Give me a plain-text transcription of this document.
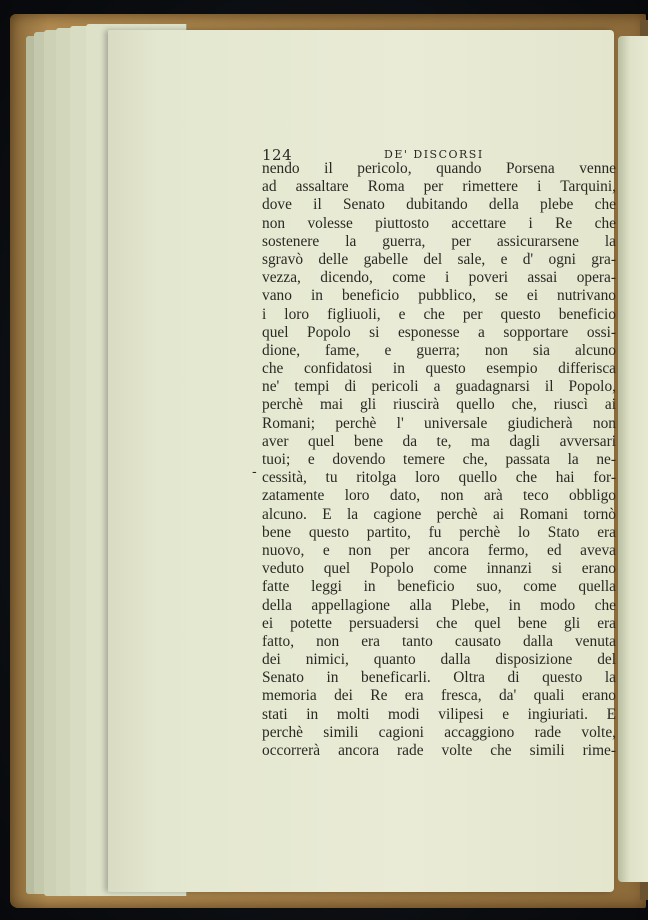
124	DE' DISCORSI
nendo il pericolo, quando Porsena venne
ad assaltare Roma per rimettere i Tarquini,
dove il Senato dubitando della plebe che
non volesse piuttosto accettare i Re che
sostenere la guerra, per assicurarsene la
sgravò delle gabelle del sale, e d' ogni gra-
vezza, dicendo, come i poveri assai opera-
vano in beneficio pubblico, se ei nutrivano
i loro figliuoli, e che per questo beneficio
quel Popolo si esponesse a sopportare ossi-
dione, fame, e guerra; non sia alcuno
che confidatosi in questo esempio differisca
ne' tempi di pericoli a guadagnarsi il Popolo,
perchè mai gli riuscirà quello che, riuscì ai
Romani; perchè l' universale giudicherà non
aver quel bene da te, ma dagli avversari
tuoi; e dovendo temere che, passata la ne-
cessità, tu ritolga loro quello che hai for-
zatamente loro dato, non arà teco obbligo
alcuno. E la cagione perchè ai Romani tornò
bene questo partito, fu perchè lo Stato era
nuovo, e non per ancora fermo, ed aveva
veduto quel Popolo come innanzi si erano
fatte leggi in beneficio suo, come quella
della appellagione alla Plebe, in modo che
ei potette persuadersi che quel bene gli era
fatto, non era tanto causato dalla venuta
dei nimici, quanto dalla disposizione del
Senato in beneficarli. Oltra di questo la
memoria dei Re era fresca, da' quali erano
stati in molti modi vilipesi e ingiuriati. E
perchè simili cagioni accaggiono rade volte,
occorrerà ancora rade volte che simili rime-
-
